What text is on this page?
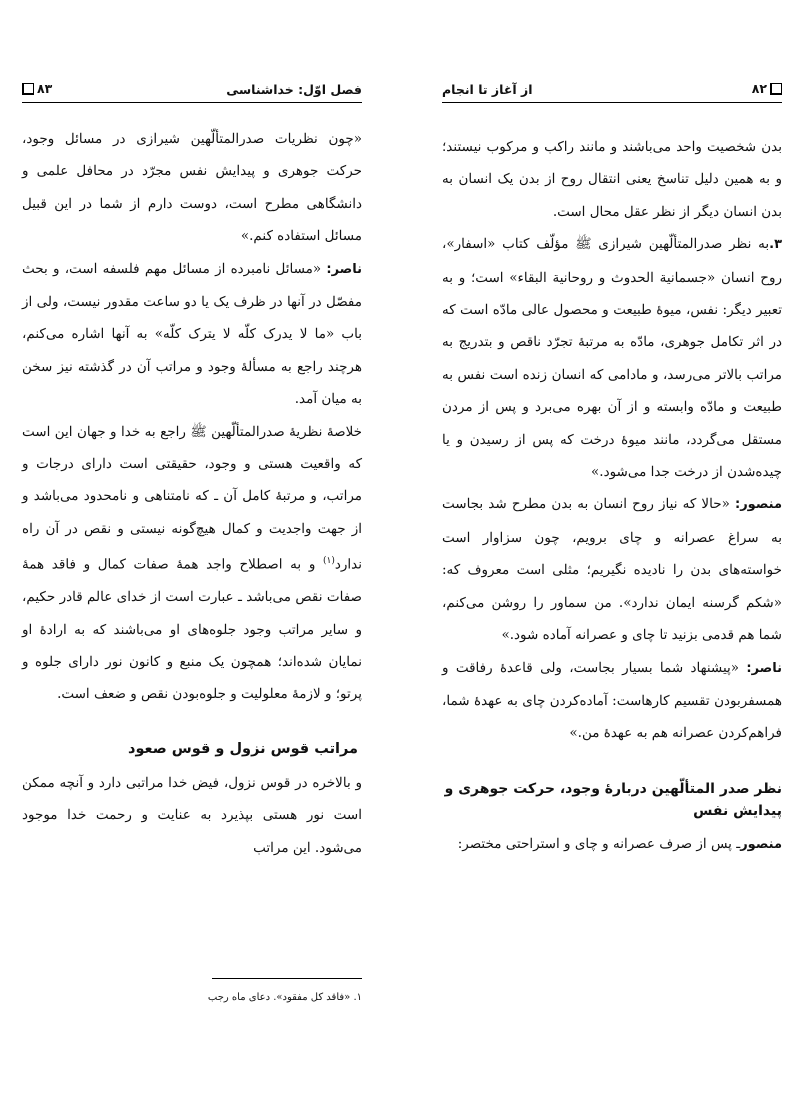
۸۲
از آغاز تا انجام

بدن شخصیت واحد می‌باشند و مانند راکب و مرکوب نیستند؛ و به همین دلیل تناسخ یعنی انتقال روح از بدن یک انسان به بدن انسان دیگر از نظر عقل محال است.

۳.به نظر صدرالمتألّهین شیرازی ﷺ مؤلّف کتاب «اسفار»، روح انسان «جسمانیة الحدوث و روحانیة البقاء» است؛ و به تعبیر دیگر: نفس، میوۀ طبیعت و محصول عالی مادّه است که در اثر تکامل جوهری، مادّه به مرتبۀ تجرّد ناقص و بتدریج به مراتب بالاتر می‌رسد، و مادامی که انسان زنده است نفس به طبیعت و مادّه وابسته و از آن بهره می‌برد و پس از مردن مستقل می‌گردد، مانند میوۀ درخت که پس از رسیدن و یا چیده‌شدن از درخت جدا می‌شود.»

منصور: «حالا که نیاز روح انسان به بدن مطرح شد بجاست به سراغ عصرانه و چای برویم، چون سزاوار است خواسته‌های بدن را نادیده نگیریم؛ مثلی است معروف که: «شکم گرسنه ایمان ندارد». من سماور را روشن می‌کنم، شما هم قدمی بزنید تا چای و عصرانه آماده شود.»

ناصر: «پیشنهاد شما بسیار بجاست، ولی قاعدۀ رفاقت و همسفربودن تقسیم کارهاست: آماده‌کردن چای به عهدۀ شما، فراهم‌کردن عصرانه هم به عهدۀ من.»

نظر صدر المتألّهین دربارۀ وجود، حرکت جوهری و پیدایش نفس

منصورـ پس از صرف عصرانه و چای و استراحتی مختصر:

فصل اوّل: خداشناسی
۸۳

«چون نظریات صدرالمتألّهین شیرازی در مسائل وجود، حرکت جوهری و پیدایش نفس مجرّد در محافل علمی و دانشگاهی مطرح است، دوست دارم از شما در این قبیل مسائل استفاده کنم.»

ناصر: «مسائل نامبرده از مسائل مهم فلسفه است، و بحث مفصّل در آنها در ظرف یک یا دو ساعت مقدور نیست، ولی از باب «ما لا یدرک کلّه لا یترک کلّه» به آنها اشاره می‌کنم، هرچند راجع به مسألۀ وجود و مراتب آن در گذشته نیز سخن به میان آمد.

خلاصۀ نظریۀ صدرالمتألّهین ﷺ راجع به خدا و جهان این است که واقعیت هستی و وجود، حقیقتی است دارای درجات و مراتب، و مرتبۀ کامل آن ـ که نامتناهی و نامحدود می‌باشد و از جهت واجدیت و کمال هیچ‌گونه نیستی و نقص در آن راه ندارد$^{(۱)}$ و به اصطلاح واجد همۀ صفات کمال و فاقد همۀ صفات نقص می‌باشد ـ عبارت است از خدای عالم قادر حکیم، و سایر مراتب وجود جلوه‌های او می‌باشند که به ارادۀ او نمایان شده‌اند؛ همچون یک منبع و کانون نور دارای جلوه و پرتو؛ و لازمۀ معلولیت و جلوه‌بودن نقص و ضعف است.

مراتب قوس نزول و قوس صعود

و بالاخره در قوس نزول، فیض خدا مراتبی دارد و آنچه ممکن است نور هستی بپذیرد به عنایت و رحمت خدا موجود می‌شود. این مراتب

۱. «فاقد کل مفقود». دعای ماه رجب
